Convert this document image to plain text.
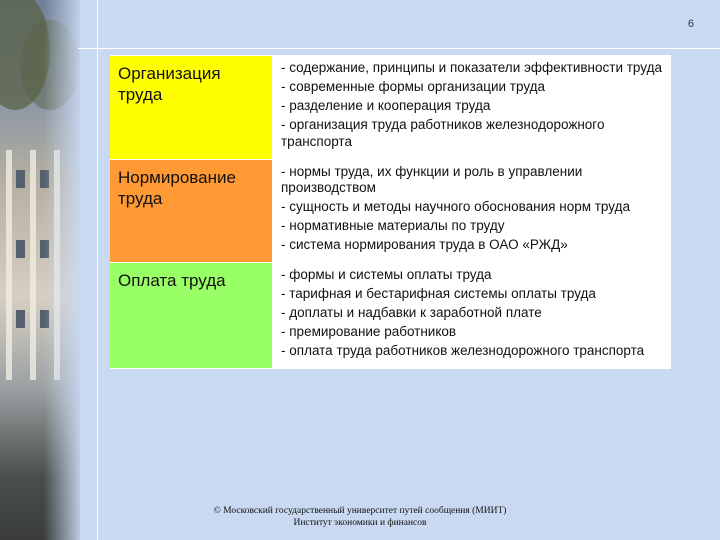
6
Организация труда
- содержание, принципы и показатели эффективности труда
- современные формы организации труда
- разделение и кооперация труда
- организация труда работников железнодорожного транспорта
Нормирование труда
- нормы труда, их функции и роль в управлении производством
- сущность и методы научного обоснования норм труда
- нормативные материалы по труду
- система нормирования труда в ОАО «РЖД»
Оплата труда	- формы и системы оплаты труда
- тарифная и бестарифная системы оплаты труда
- доплаты и надбавки к заработной плате
- премирование работников
- оплата труда работников железнодорожного транспорта
© Московский государственный университет путей сообщения (МИИТ)
Институт экономики и финансов
